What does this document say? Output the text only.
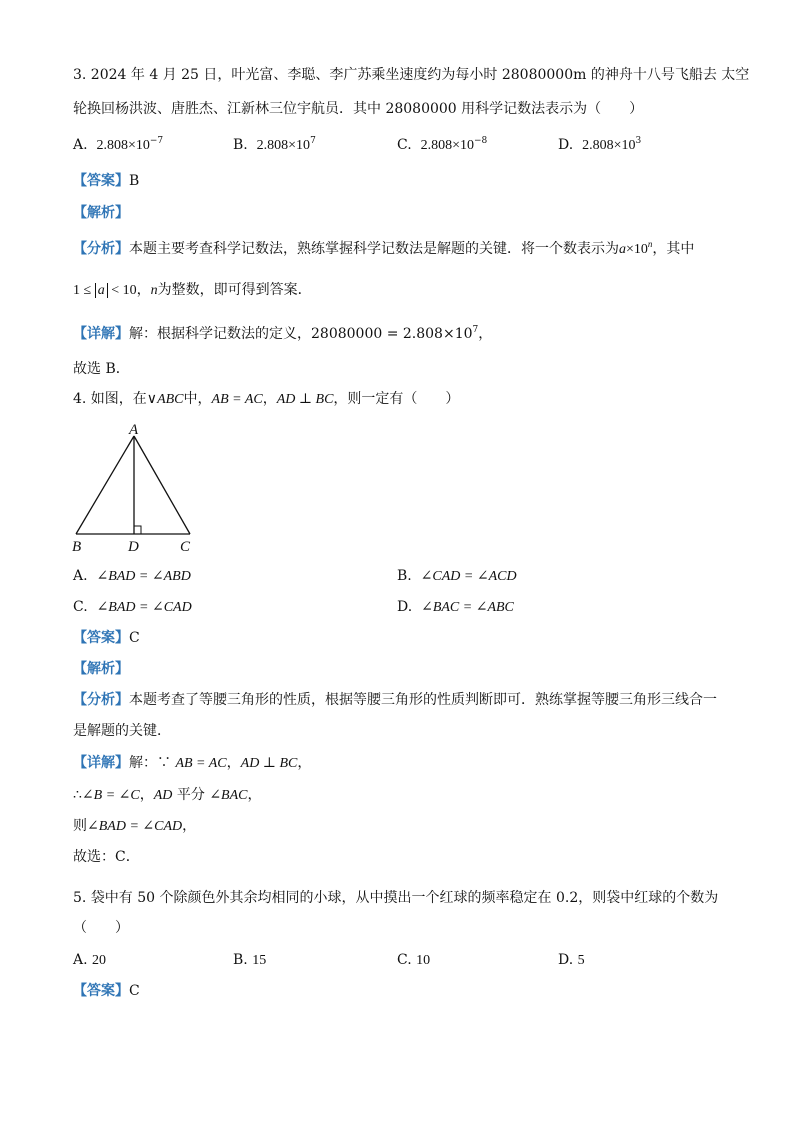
3. 2024 年 4 月 25 日，叶光富、李聪、李广苏乘坐速度约为每小时 28080000m 的神舟十八号飞船去 太空
轮换回杨洪波、唐胜杰、江新林三位宇航员．其中 28080000 用科学记数法表示为（　　）
A. $2.808\times 10^{-7}$	B. $2.808\times 10^7$	C. $2.808\times 10^{-8}$	D. $2.808\times 10^3$
【答案】B
【解析】
【分析】本题主要考查科学记数法，熟练掌握科学记数法是解题的关键．将一个数表示为$a\times 10^n$，其中
1 ≤ a < 10，n为整数，即可得到答案．
【详解】解：根据科学记数法的定义，$28080000 = 2.808\times 10^7$，
故选 B．
4. 如图，在∨ABC中，AB = AC，AD ⊥ BC，则一定有（　　）
A
B	D	C
A. ∠BAD = ∠ABD	B. ∠CAD = ∠ACD
C. ∠BAD = ∠CAD	D. ∠BAC = ∠ABC
【答案】C
【解析】
【分析】本题考查了等腰三角形的性质，根据等腰三角形的性质判断即可．熟练掌握等腰三角形三线合一
是解题的关键．
【详解】解：∵ AB = AC，AD ⊥ BC，
∴∠B = ∠C，AD 平分 ∠BAC，
则∠BAD = ∠CAD，
故选：C．
5. 袋中有 50 个除颜色外其余均相同的小球，从中摸出一个红球的频率稳定在 0.2，则袋中红球的个数为
（　　）
A. 20	B. 15	C. 10	D. 5
【答案】C
